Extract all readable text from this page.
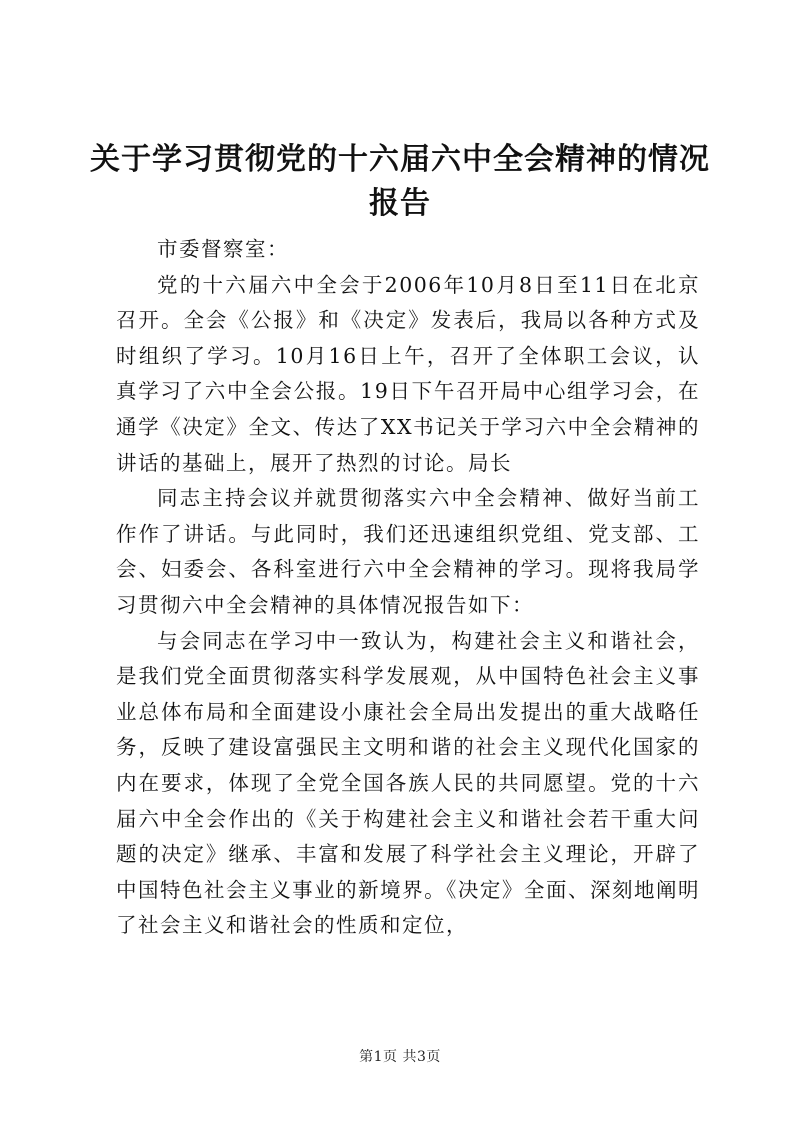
关于学习贯彻党的十六届六中全会精神的情况报告

市委督察室：

党的十六届六中全会于2006年10月8日至11日在北京召开。全会《公报》和《决定》发表后，我局以各种方式及时组织了学习。10月16日上午，召开了全体职工会议，认真学习了六中全会公报。19日下午召开局中心组学习会，在通学《决定》全文、传达了XX书记关于学习六中全会精神的讲话的基础上，展开了热烈的讨论。局长

同志主持会议并就贯彻落实六中全会精神、做好当前工作作了讲话。与此同时，我们还迅速组织党组、党支部、工会、妇委会、各科室进行六中全会精神的学习。现将我局学习贯彻六中全会精神的具体情况报告如下：

与会同志在学习中一致认为，构建社会主义和谐社会，是我们党全面贯彻落实科学发展观，从中国特色社会主义事业总体布局和全面建设小康社会全局出发提出的重大战略任务，反映了建设富强民主文明和谐的社会主义现代化国家的内在要求，体现了全党全国各族人民的共同愿望。党的十六届六中全会作出的《关于构建社会主义和谐社会若干重大问题的决定》继承、丰富和发展了科学社会主义理论，开辟了中国特色社会主义事业的新境界。《决定》全面、深刻地阐明了社会主义和谐社会的性质和定位，

第1页 共3页
